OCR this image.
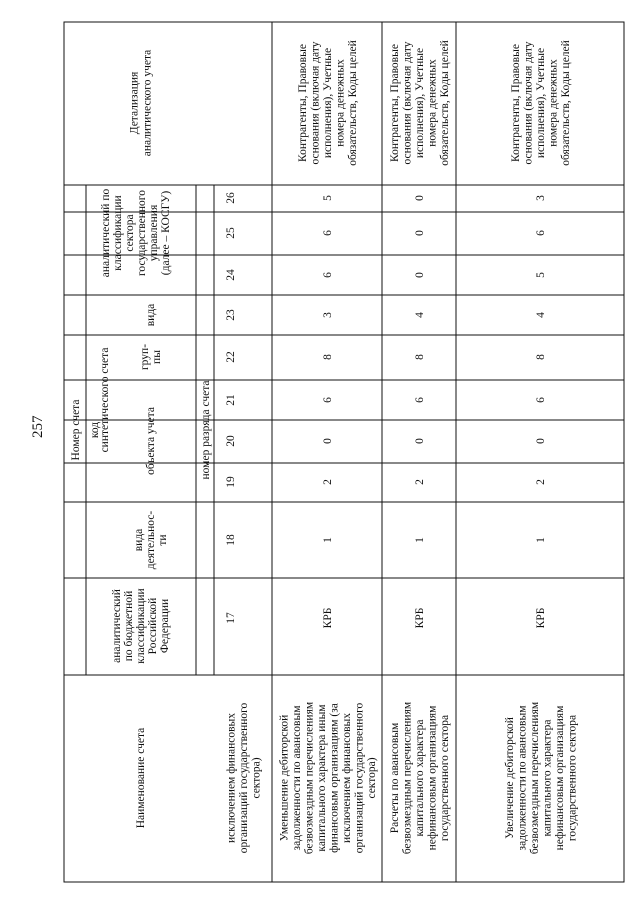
257
Наименование счета
Номер счета код
аналитическийпо бюджетнойклассификацииРоссийскойФедерации
видадеятельнос-ти
синтетического счета	объекта учета
груп-пы
вида
аналитический поклассификациисекторагосударственногоуправления(далее – КОСГУ)
номер разряда счета
Детализацияаналитического учета
17
18
19
20
21
22
23
24
25
26
исключением финансовыхорганизаций государственногосектора) Уменьшение дебиторскойзадолженности по авансовымбезвозмездным перечислениямкапитального характера инымфинансовым организациям (заисключением финансовыхорганизаций государственногосектора)
КРБ
1
2
0
6
8
3
6
6
5
Контрагенты, Правовыеоснования (включая датуисполнения), Учетныеномера денежныхобязательств, Коды целей
Расчеты по авансовымбезвозмездным перечислениямкапитального характеранефинансовым организациямгосударственного сектора
КРБ
1
2
0
6
8
4
0
0
0
Контрагенты, Правовыеоснования (включая датуисполнения), Учетныеномера денежныхобязательств, Коды целей
Увеличение дебиторскойзадолженности по авансовымбезвозмездным перечислениямкапитального характеранефинансовым организациямгосударственного сектора
КРБ
1
2
0
6
8
4
5
6
3
Контрагенты, Правовыеоснования (включая датуисполнения), Учетныеномера денежныхобязательств, Коды целей
